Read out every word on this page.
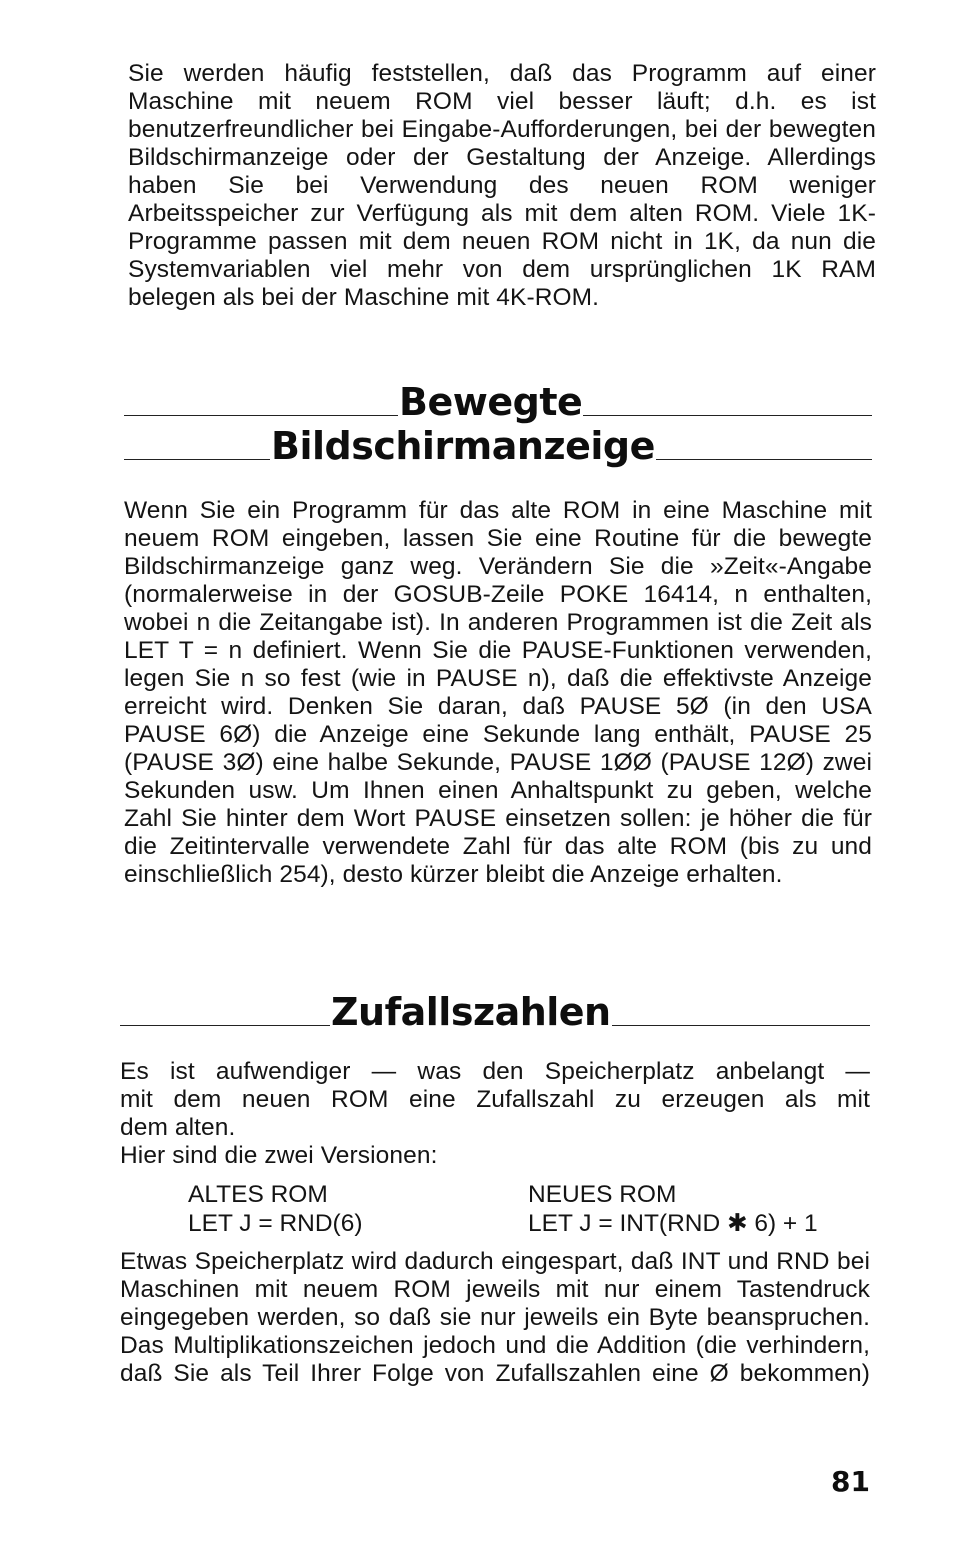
Sie werden häufig feststellen, daß das Programm auf einer Maschine mit neuem ROM viel besser läuft; d.h. es ist benutzerfreundlicher bei Eingabe-Aufforderungen, bei der bewegten Bildschirmanzeige oder der Gestaltung der Anzeige. Allerdings haben Sie bei Verwendung des neuen ROM weniger Arbeitsspeicher zur Verfügung als mit dem alten ROM. Viele 1K-Programme passen mit dem neuen ROM nicht in 1K, da nun die Systemvariablen viel mehr von dem ursprünglichen 1K RAM belegen als bei der Maschine mit 4K-ROM.

Bewegte
Bildschirmanzeige

Wenn Sie ein Programm für das alte ROM in eine Maschine mit neuem ROM eingeben, lassen Sie eine Routine für die bewegte Bildschirmanzeige ganz weg. Verändern Sie die »Zeit«-Angabe (normalerweise in der GOSUB-Zeile POKE 16414, n enthalten, wobei n die Zeitangabe ist). In anderen Programmen ist die Zeit als LET T = n definiert. Wenn Sie die PAUSE-Funktionen verwenden, legen Sie n so fest (wie in PAUSE n), daß die effektivste Anzeige erreicht wird. Denken Sie daran, daß PAUSE 5Ø (in den USA PAUSE 6Ø) die Anzeige eine Sekunde lang enthält, PAUSE 25 (PAUSE 3Ø) eine halbe Sekunde, PAUSE 1ØØ (PAUSE 12Ø) zwei Sekunden usw. Um Ihnen einen Anhaltspunkt zu geben, welche Zahl Sie hinter dem Wort PAUSE einsetzen sollen: je höher die für die Zeitintervalle verwendete Zahl für das alte ROM (bis zu und einschließlich 254), desto kürzer bleibt die Anzeige erhalten.

Zufallszahlen
Es ist aufwendiger — was den Speicherplatz anbelangt —
mit dem neuen ROM eine Zufallszahl zu erzeugen als mit
dem alten.
Hier sind die zwei Versionen:
ALTES ROM
LET J = RND(6)
NEUES ROM
LET J = INT(RND ✱ 6) + 1

Etwas Speicherplatz wird dadurch eingespart, daß INT und RND bei Maschinen mit neuem ROM jeweils mit nur einem Tastendruck eingegeben werden, so daß sie nur jeweils ein Byte beanspruchen. Das Multiplikationszeichen jedoch und die Addition (die verhindern, daß Sie als Teil Ihrer Folge von Zufallszahlen eine Ø bekommen)

81
